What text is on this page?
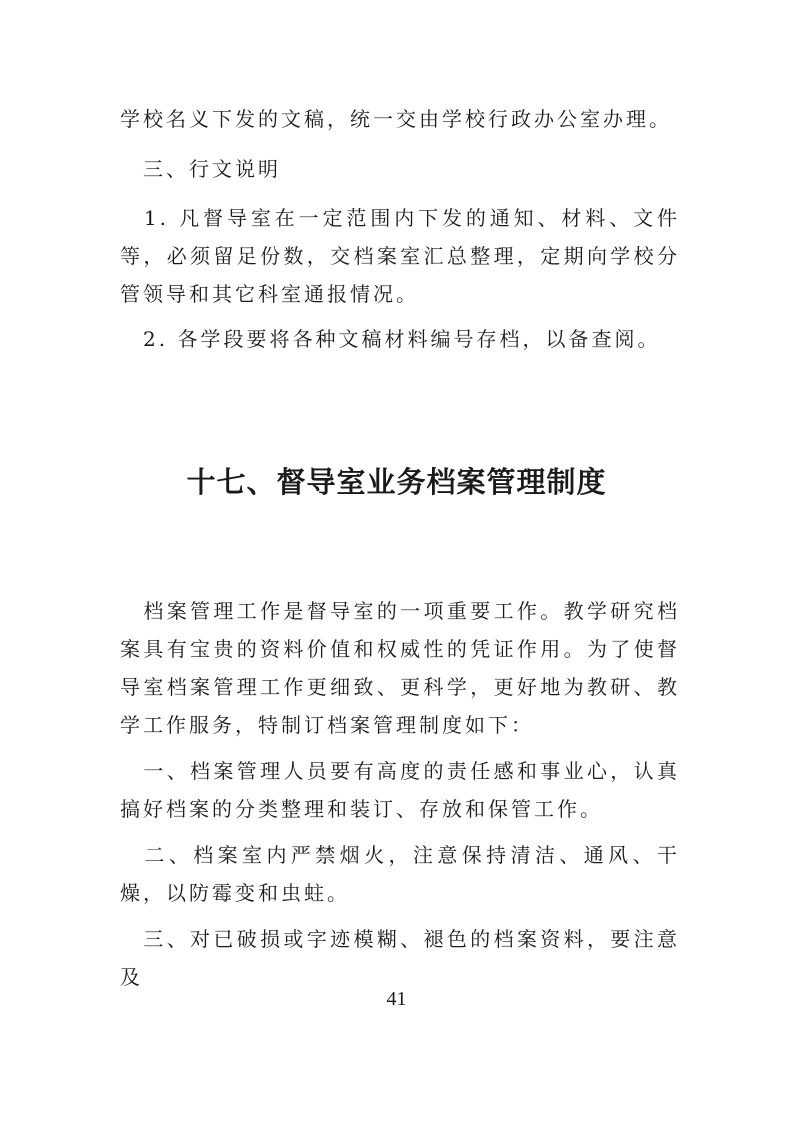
学校名义下发的文稿，统一交由学校行政办公室办理。

　三、行文说明

　1. 凡督导室在一定范围内下发的通知、材料、文件等，必须留足份数，交档案室汇总整理，定期向学校分管领导和其它科室通报情况。

　2. 各学段要将各种文稿材料编号存档，以备查阅。

十七、督导室业务档案管理制度

　档案管理工作是督导室的一项重要工作。教学研究档案具有宝贵的资料价值和权威性的凭证作用。为了使督导室档案管理工作更细致、更科学，更好地为教研、教学工作服务，特制订档案管理制度如下：

　一、档案管理人员要有高度的责任感和事业心，认真搞好档案的分类整理和装订、存放和保管工作。

　二、档案室内严禁烟火，注意保持清洁、通风、干燥，以防霉变和虫蛀。

　三、对已破损或字迹模糊、褪色的档案资料，要注意及

41
